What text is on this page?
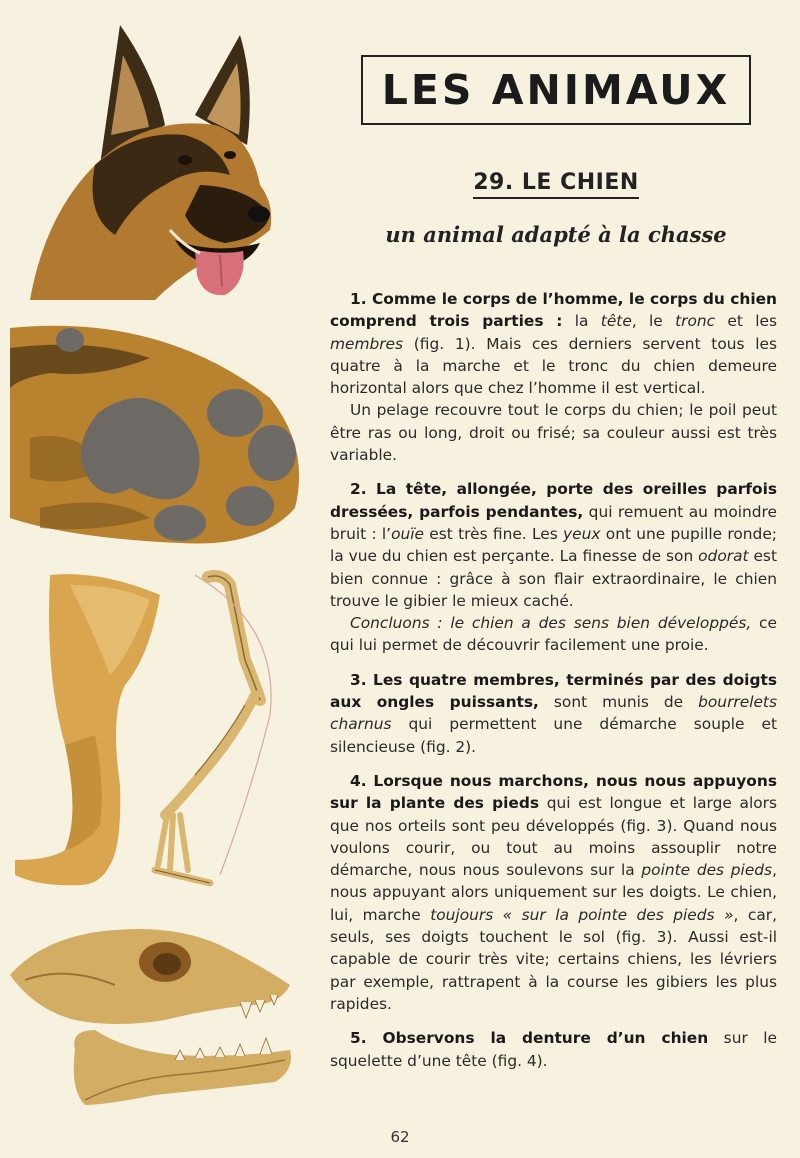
LES ANIMAUX
29. LE CHIEN
un animal adapté à la chasse

1. Comme le corps de l’homme, le corps du chien comprend trois parties : la tête, le tronc et les membres (fig. 1). Mais ces derniers servent tous les quatre à la marche et le tronc du chien demeure horizontal alors que chez l’homme il est vertical.

Un pelage recouvre tout le corps du chien; le poil peut être ras ou long, droit ou frisé; sa couleur aussi est très variable.

2. La tête, allongée, porte des oreilles parfois dressées, parfois pendantes, qui remuent au moindre bruit : l’ouïe est très fine. Les yeux ont une pupille ronde; la vue du chien est perçante. La finesse de son odorat est bien connue : grâce à son flair extraordinaire, le chien trouve le gibier le mieux caché.

Concluons : le chien a des sens bien développés, ce qui lui permet de découvrir facilement une proie.

3. Les quatre membres, terminés par des doigts aux ongles puissants, sont munis de bourrelets charnus qui permettent une démarche souple et silencieuse (fig. 2).

4. Lorsque nous marchons, nous nous appuyons sur la plante des pieds qui est longue et large alors que nos orteils sont peu développés (fig. 3). Quand nous voulons courir, ou tout au moins assouplir notre démarche, nous nous soulevons sur la pointe des pieds, nous appuyant alors uniquement sur les doigts. Le chien, lui, marche toujours « sur la pointe des pieds », car, seuls, ses doigts touchent le sol (fig. 3). Aussi est-il capable de courir très vite; certains chiens, les lévriers par exemple, rattrapent à la course les gibiers les plus rapides.

5. Observons la denture d’un chien sur le squelette d’une tête (fig. 4).

62
